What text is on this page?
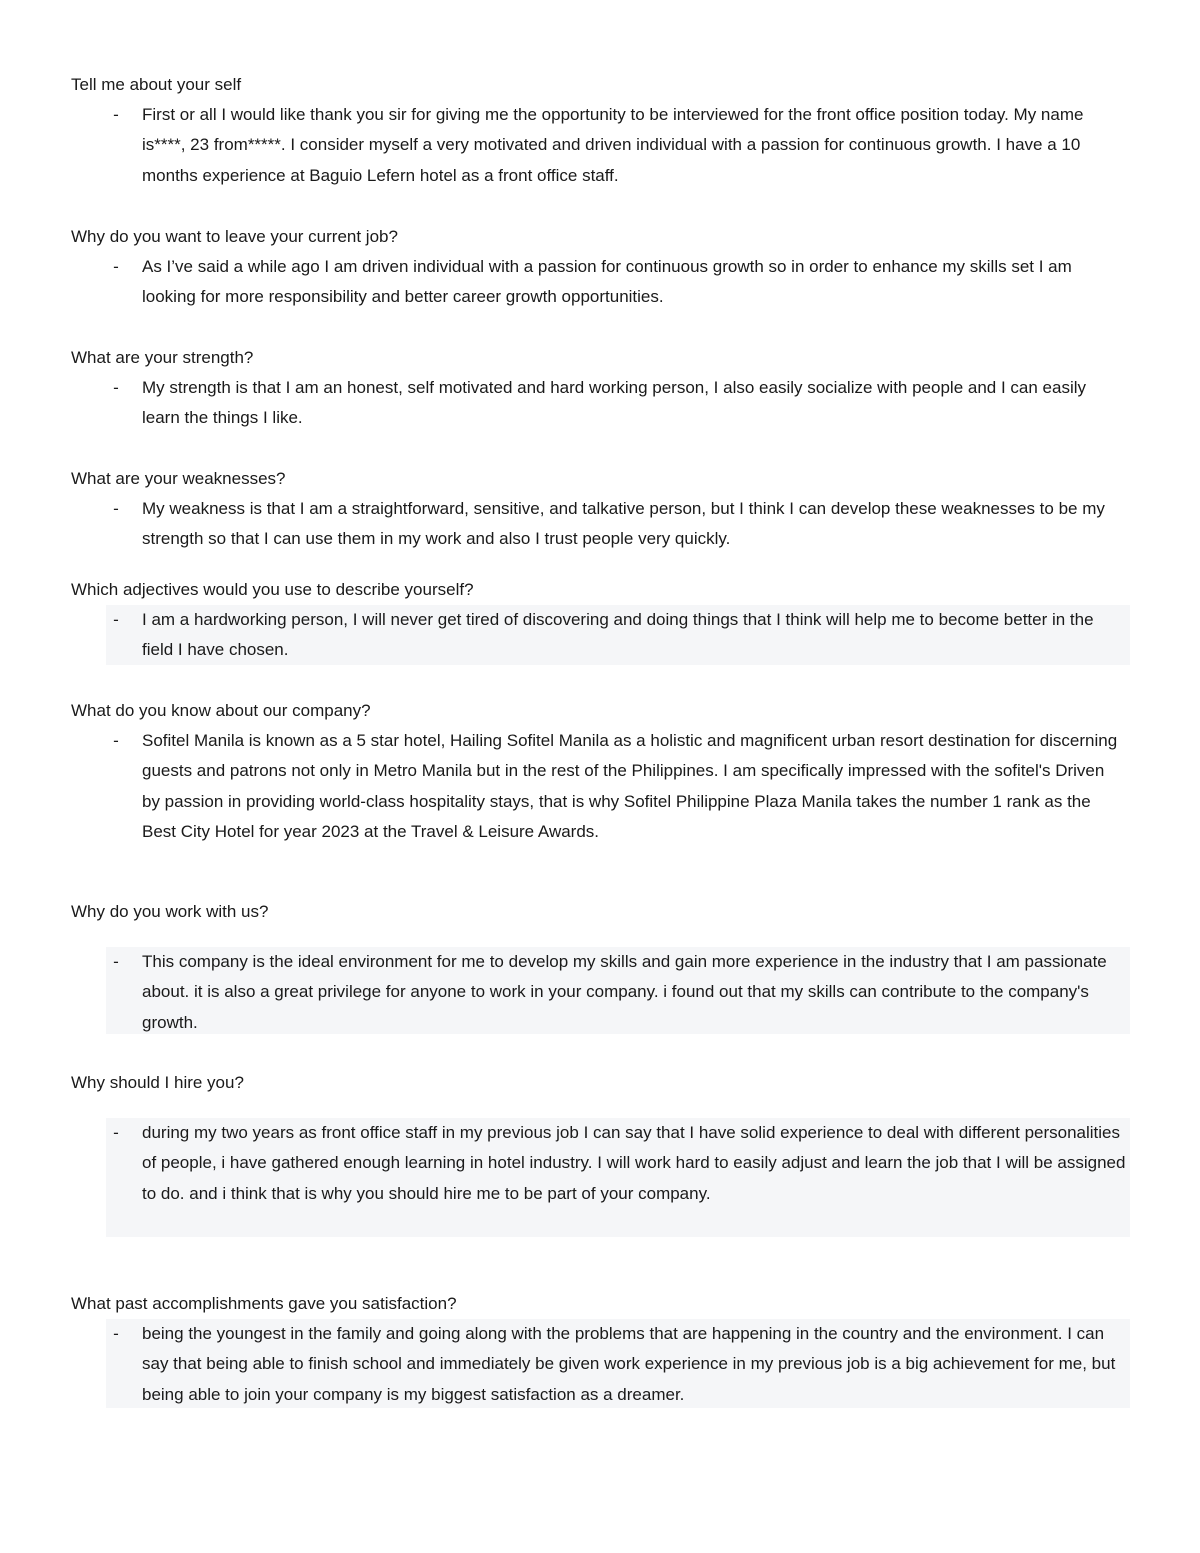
Tell me about your self
-	First or all I would like thank you sir for giving me the opportunity to be interviewed for the front office position today. My name is****, 23 from*****. I consider myself a very motivated and driven individual with a passion for continuous growth. I have a 10 months experience at Baguio Lefern hotel as a front office staff.
Why do you want to leave your current job?
-	As I’ve said a while ago I am driven individual with a passion for continuous growth so in order to enhance my skills set I am looking for more responsibility and better career growth opportunities.
What are your strength?
-	My strength is that I am an honest, self motivated and hard working person, I also easily socialize with people and I can easily learn the things I like.
What are your weaknesses?
-	My weakness is that I am a straightforward, sensitive, and talkative person, but I think I can develop these weaknesses to be my strength so that I can use them in my work and also I trust people very quickly.
Which adjectives would you use to describe yourself?
-	I am a hardworking person, I will never get tired of discovering and doing things that I think will help me to become better in the field I have chosen.
What do you know about our company?
-	Sofitel Manila is known as a 5 star hotel, Hailing Sofitel Manila as a holistic and magnificent urban resort destination for discerning guests and patrons not only in Metro Manila but in the rest of the Philippines. I am specifically impressed with the sofitel's Driven by passion in providing world-class hospitality stays, that is why Sofitel Philippine Plaza Manila takes the number 1 rank as the Best City Hotel for year 2023 at the Travel & Leisure Awards.
Why do you work with us?
-	This company is the ideal environment for me to develop my skills and gain more experience in the industry that I am passionate about. it is also a great privilege for anyone to work in your company. i found out that my skills can contribute to the company's growth.
Why should I hire you?
-	during my two years as front office staff in my previous job I can say that I have solid experience to deal with different personalities of people, i have gathered enough learning in hotel industry. I will work hard to easily adjust and learn the job that I will be assigned to do. and i think that is why you should hire me to be part of your company.
What past accomplishments gave you satisfaction?
-	being the youngest in the family and going along with the problems that are happening in the country and the environment. I can say that being able to finish school and immediately be given work experience in my previous job is a big achievement for me, but being able to join your company is my biggest satisfaction as a dreamer.
